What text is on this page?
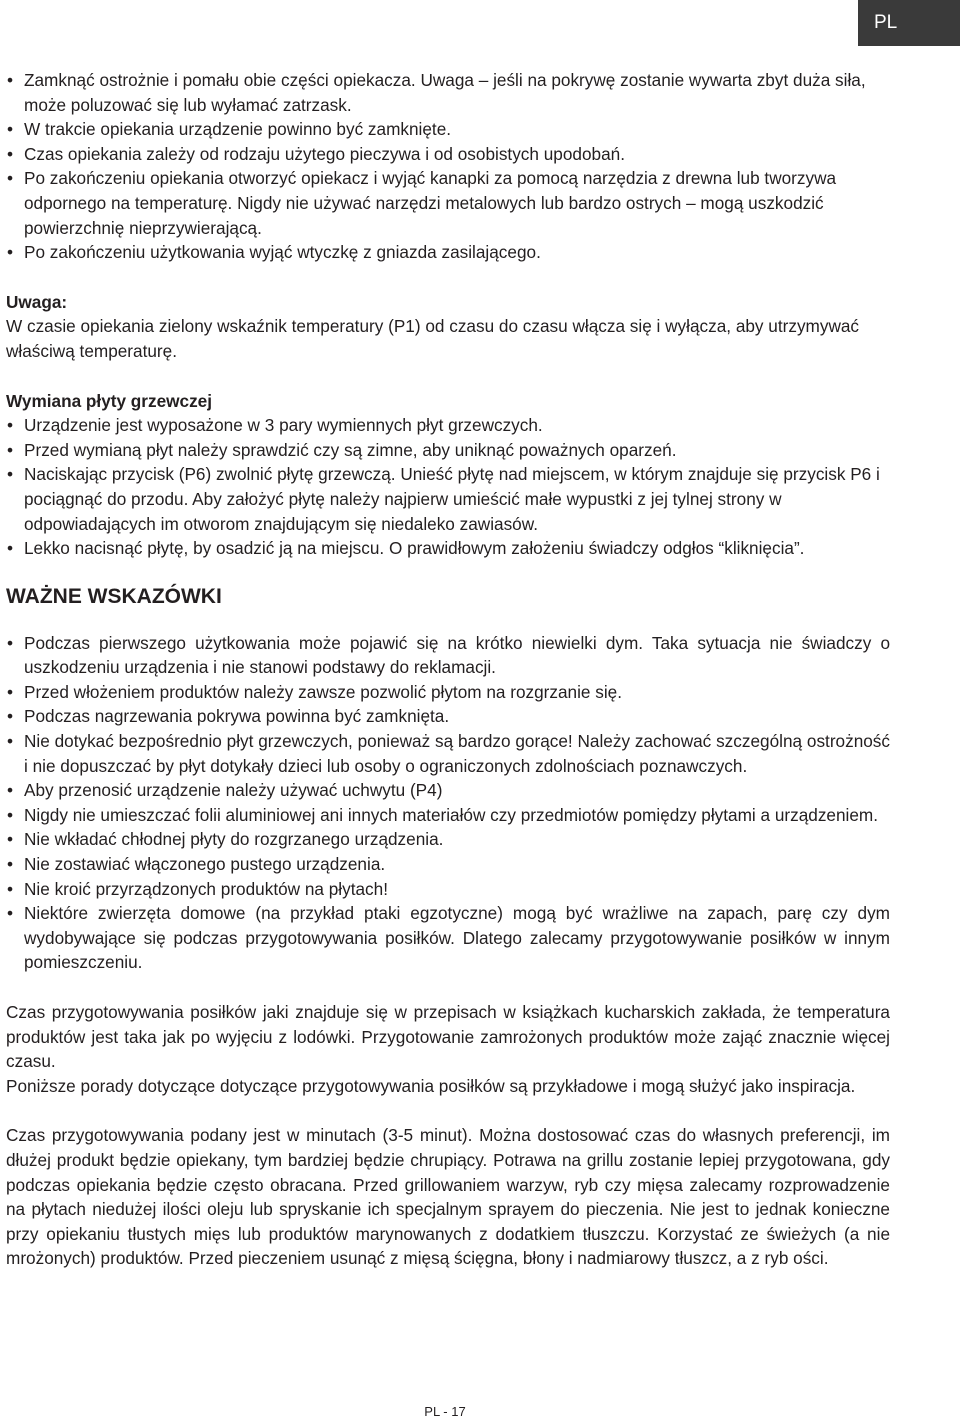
PL
• Zamknąć ostrożnie i pomału obie części opiekacza. Uwaga – jeśli na pokrywę zostanie wywarta zbyt duża siła, może poluzować się lub wyłamać zatrzask.
• W trakcie opiekania urządzenie powinno być zamknięte.
• Czas opiekania zależy od rodzaju użytego pieczywa i od osobistych upodobań.
• Po zakończeniu opiekania otworzyć opiekacz i wyjąć kanapki za pomocą narzędzia z drewna lub tworzywa odpornego na temperaturę. Nigdy nie używać narzędzi metalowych lub bardzo ostrych – mogą uszkodzić powierzchnię nieprzywierającą.
• Po zakończeniu użytkowania wyjąć wtyczkę z gniazda zasilającego.

Uwaga:

W czasie opiekania zielony wskaźnik temperatury (P1) od czasu do czasu włącza się i wyłącza, aby utrzymywać właściwą temperaturę.

Wymiana płyty grzewczej

• Urządzenie jest wyposażone w 3 pary wymiennych płyt grzewczych.
• Przed wymianą płyt należy sprawdzić czy są zimne, aby uniknąć poważnych oparzeń.
• Naciskając przycisk (P6) zwolnić płytę grzewczą. Unieść płytę nad miejscem, w którym znajduje się przycisk P6 i pociągnąć do przodu. Aby założyć płytę należy najpierw umieścić małe wypustki z jej tylnej strony w odpowiadających im otworom znajdującym się niedaleko zawiasów.
• Lekko nacisnąć płytę, by osadzić ją na miejscu. O prawidłowym założeniu świadczy odgłos “kliknięcia”.
WAŻNE WSKAZÓWKI
• Podczas pierwszego użytkowania może pojawić się na krótko niewielki dym. Taka sytuacja nie świadczy o uszkodzeniu urządzenia i nie stanowi podstawy do reklamacji.
• Przed włożeniem produktów należy zawsze pozwolić płytom na rozgrzanie się.
• Podczas nagrzewania pokrywa powinna być zamknięta.
• Nie dotykać bezpośrednio płyt grzewczych, ponieważ są bardzo gorące! Należy zachować szczególną ostrożność i nie dopuszczać by płyt dotykały dzieci lub osoby o ograniczonych zdolnościach poznawczych.
• Aby przenosić urządzenie należy używać uchwytu (P4)
• Nigdy nie umieszczać folii aluminiowej ani innych materiałów czy przedmiotów pomiędzy płytami a urządzeniem.
• Nie wkładać chłodnej płyty do rozgrzanego urządzenia.
• Nie zostawiać włączonego pustego urządzenia.
• Nie kroić przyrządzonych produktów na płytach!
• Niektóre zwierzęta domowe (na przykład ptaki egzotyczne) mogą być wrażliwe na zapach, parę czy dym wydobywające się podczas przygotowywania posiłków. Dlatego zalecamy przygotowywanie posiłków w innym pomieszczeniu.

Czas przygotowywania posiłków jaki znajduje się w przepisach w książkach kucharskich zakłada, że temperatura produktów jest taka jak po wyjęciu z lodówki. Przygotowanie zamrożonych produktów może zająć znacznie więcej czasu.

Poniższe porady dotyczące dotyczące przygotowywania posiłków są przykładowe i mogą służyć jako inspiracja.

Czas przygotowywania podany jest w minutach (3-5 minut). Można dostosować czas do własnych preferencji, im dłużej produkt będzie opiekany, tym bardziej będzie chrupiący. Potrawa na grillu zostanie lepiej przygotowana, gdy podczas opiekania będzie często obracana. Przed grillowaniem warzyw, ryb czy mięsa zalecamy rozprowadzenie na płytach niedużej ilości oleju lub spryskanie ich specjalnym sprayem do pieczenia. Nie jest to jednak konieczne przy opiekaniu tłustych mięs lub produktów marynowanych z dodatkiem tłuszczu. Korzystać ze świeżych (a nie mrożonych) produktów. Przed pieczeniem usunąć z mięsą ścięgna, błony i nadmiarowy tłuszcz, a z ryb ości.

PL - 17
